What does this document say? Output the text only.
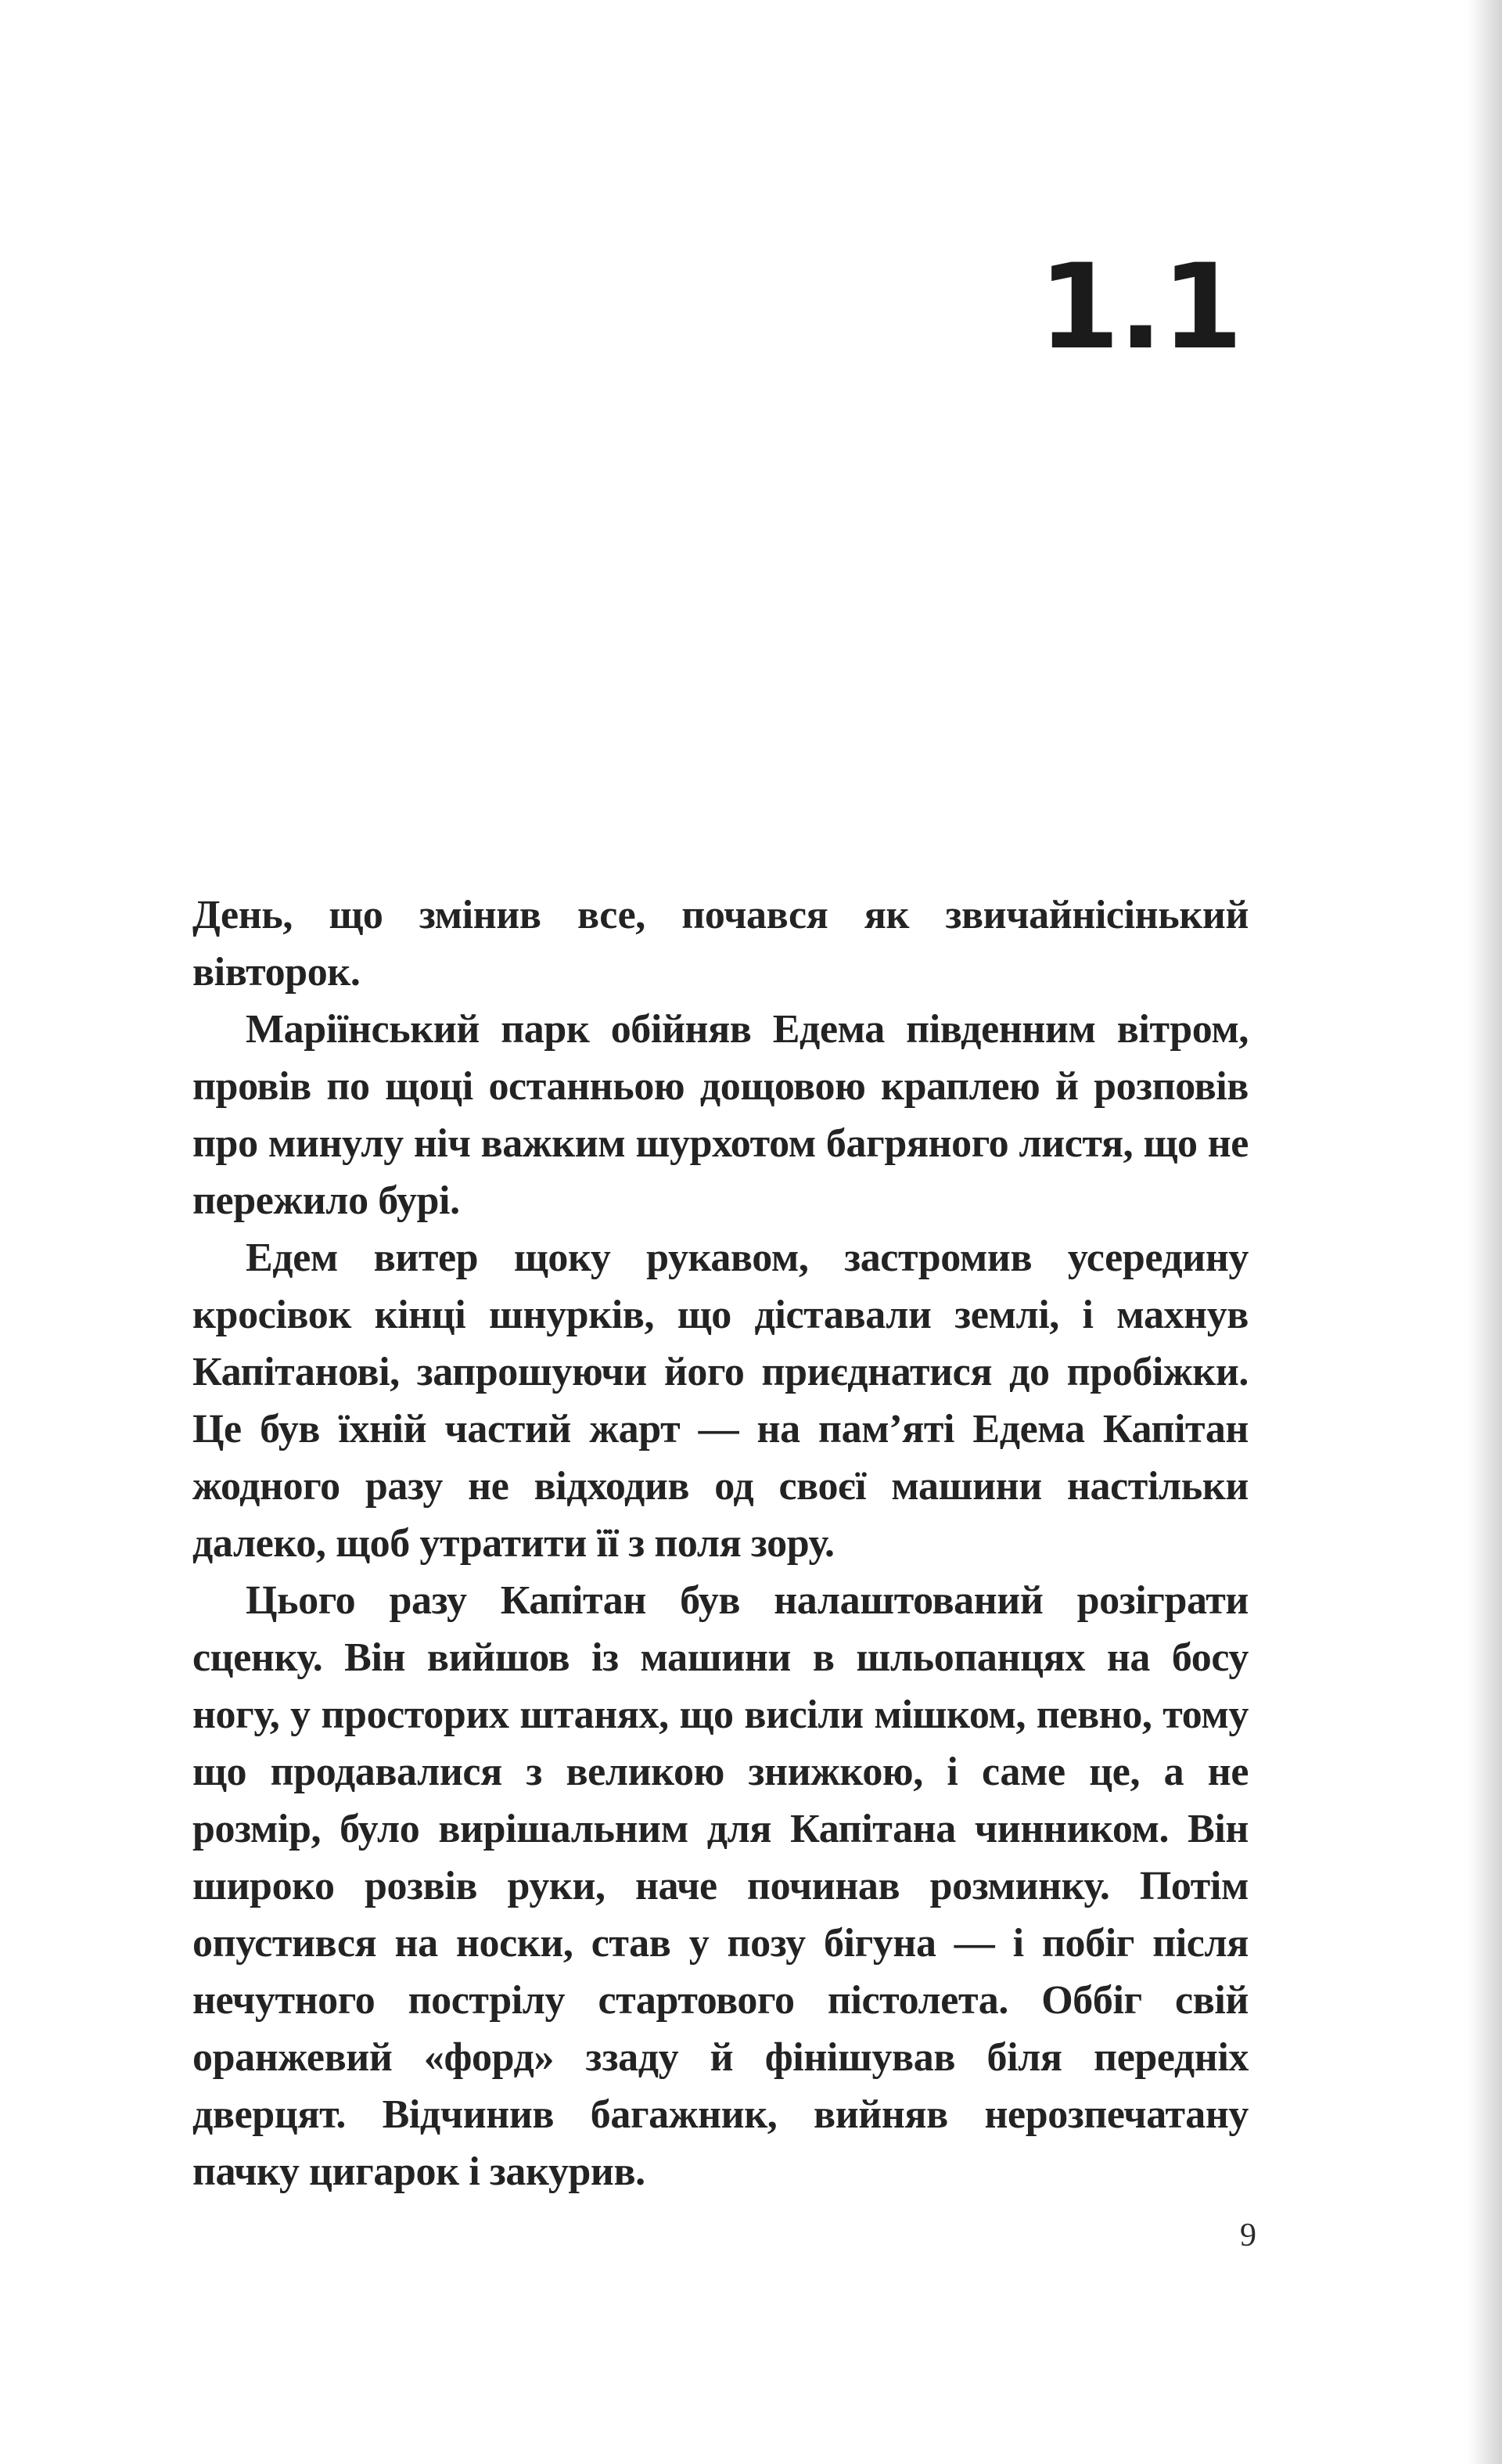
1.1

День, що змінив все, почався як звичайнісінький вівторок.

Маріїнський парк обійняв Едема південним вітром, провів по щоці останньою дощовою краплею й розповів про минулу ніч важким шурхотом багряного листя, що не пережило бурі.

Едем витер щоку рукавом, застромив усередину кросівок кінці шнурків, що діставали землі, і махнув Капітанові, запрошуючи його приєднатися до пробіжки. Це був їхній частий жарт — на пам’яті Едема Капітан жодного разу не відходив од своєї машини настільки далеко, щоб утратити її з поля зору.

Цього разу Капітан був налаштований розіграти сценку. Він вийшов із машини в шльопанцях на босу ногу, у просторих штанях, що висіли мішком, певно, тому що продавалися з великою знижкою, і саме це, а не розмір, було вирішальним для Капітана чинником. Він широко розвів руки, наче починав розминку. Потім опустився на носки, став у позу бігуна — і побіг після нечутного пострілу стартового пістолета. Оббіг свій оранжевий «форд» ззаду й фінішував біля передніх дверцят. Відчинив багажник, вийняв нерозпечатану пачку цигарок і закурив.

9
